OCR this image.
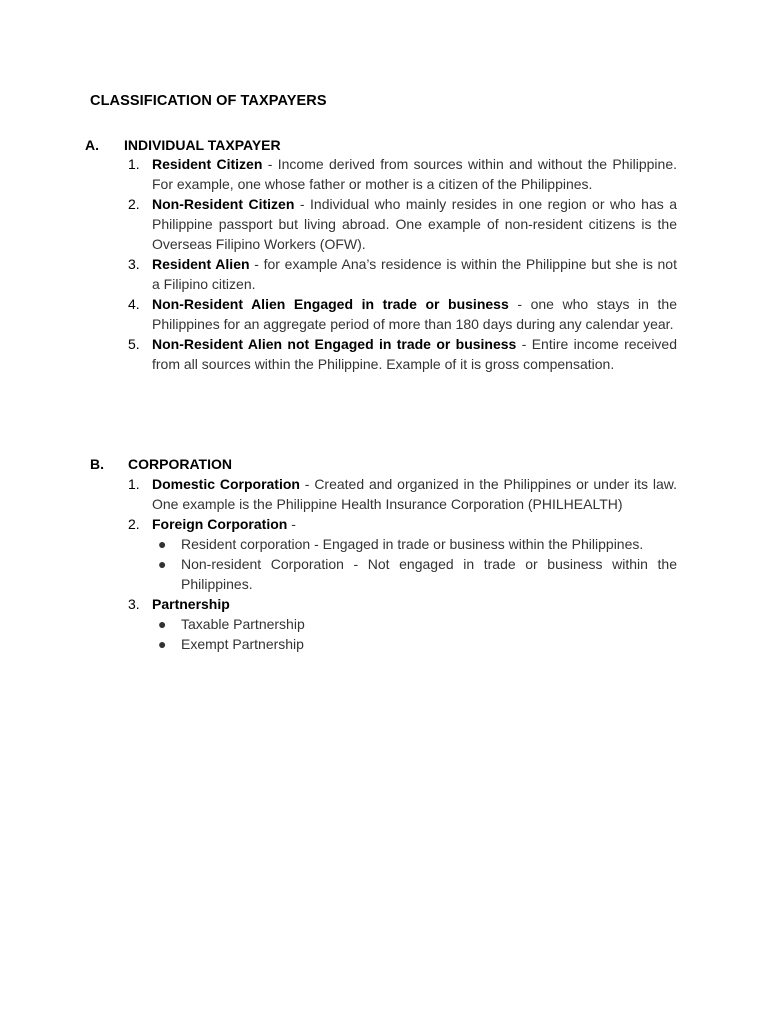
CLASSIFICATION OF TAXPAYERS
A. INDIVIDUAL TAXPAYER
1. Resident Citizen - Income derived from sources within and without the Philippine. For example, one whose father or mother is a citizen of the Philippines.
2. Non-Resident Citizen - Individual who mainly resides in one region or who has a Philippine passport but living abroad. One example of non-resident citizens is the Overseas Filipino Workers (OFW).
3. Resident Alien - for example Ana’s residence is within the Philippine but she is not a Filipino citizen.
4. Non-Resident Alien Engaged in trade or business - one who stays in the Philippines for an aggregate period of more than 180 days during any calendar year.
5. Non-Resident Alien not Engaged in trade or business - Entire income received from all sources within the Philippine. Example of it is gross compensation.
B. CORPORATION
1. Domestic Corporation - Created and organized in the Philippines or under its law. One example is the Philippine Health Insurance Corporation (PHILHEALTH)
2. Foreign Corporation -
● Resident corporation - Engaged in trade or business within the Philippines.
● Non-resident Corporation - Not engaged in trade or business within the Philippines.
3. Partnership
● Taxable Partnership
● Exempt Partnership
